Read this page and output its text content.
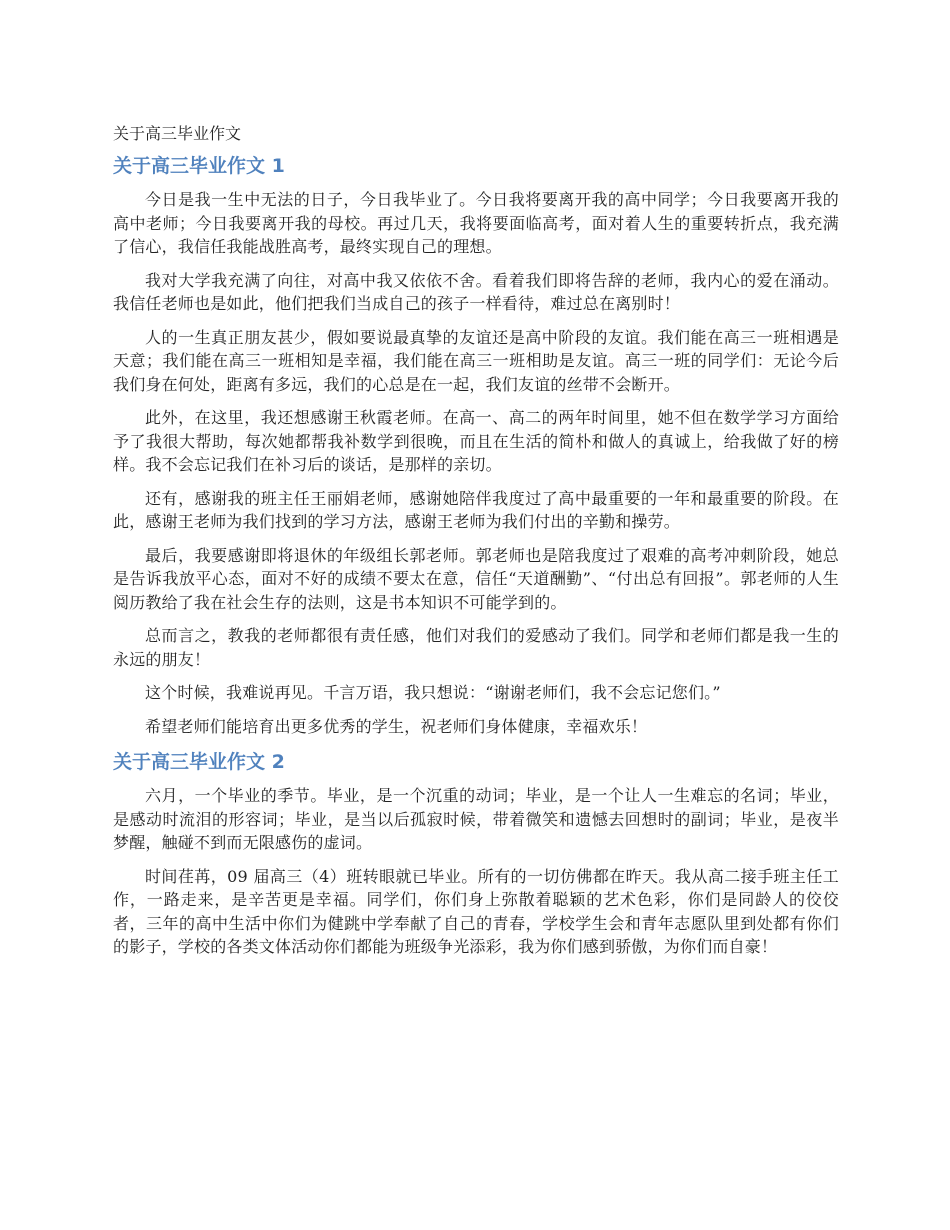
关于高三毕业作文
关于高三毕业作文 1

今日是我一生中无法的日子，今日我毕业了。今日我将要离开我的高中同学；今日我要离开我的高中老师；今日我要离开我的母校。再过几天，我将要面临高考，面对着人生的重要转折点，我充满了信心，我信任我能战胜高考，最终实现自己的理想。

我对大学我充满了向往，对高中我又依依不舍。看着我们即将告辞的老师，我内心的爱在涌动。我信任老师也是如此，他们把我们当成自己的孩子一样看待，难过总在离别时！

人的一生真正朋友甚少，假如要说最真挚的友谊还是高中阶段的友谊。我们能在高三一班相遇是天意；我们能在高三一班相知是幸福，我们能在高三一班相助是友谊。高三一班的同学们：无论今后我们身在何处，距离有多远，我们的心总是在一起，我们友谊的丝带不会断开。

此外，在这里，我还想感谢王秋霞老师。在高一、高二的两年时间里，她不但在数学学习方面给予了我很大帮助，每次她都帮我补数学到很晚，而且在生活的简朴和做人的真诚上，给我做了好的榜样。我不会忘记我们在补习后的谈话，是那样的亲切。

还有，感谢我的班主任王丽娟老师，感谢她陪伴我度过了高中最重要的一年和最重要的阶段。在此，感谢王老师为我们找到的学习方法，感谢王老师为我们付出的辛勤和操劳。

最后，我要感谢即将退休的年级组长郭老师。郭老师也是陪我度过了艰难的高考冲刺阶段，她总是告诉我放平心态，面对不好的成绩不要太在意，信任“天道酬勤”、“付出总有回报”。郭老师的人生阅历教给了我在社会生存的法则，这是书本知识不可能学到的。

总而言之，教我的老师都很有责任感，他们对我们的爱感动了我们。同学和老师们都是我一生的永远的朋友！

这个时候，我难说再见。千言万语，我只想说：“谢谢老师们，我不会忘记您们。”

希望老师们能培育出更多优秀的学生，祝老师们身体健康，幸福欢乐！

关于高三毕业作文 2

六月，一个毕业的季节。毕业，是一个沉重的动词；毕业，是一个让人一生难忘的名词；毕业，是感动时流泪的形容词；毕业，是当以后孤寂时候，带着微笑和遗憾去回想时的副词；毕业，是夜半梦醒，触碰不到而无限感伤的虚词。

时间荏苒，09 届高三（4）班转眼就已毕业。所有的一切仿佛都在昨天。我从高二接手班主任工作，一路走来，是辛苦更是幸福。同学们，你们身上弥散着聪颖的艺术色彩，你们是同龄人的佼佼者，三年的高中生活中你们为健跳中学奉献了自己的青春，学校学生会和青年志愿队里到处都有你们的影子，学校的各类文体活动你们都能为班级争光添彩，我为你们感到骄傲，为你们而自豪！
